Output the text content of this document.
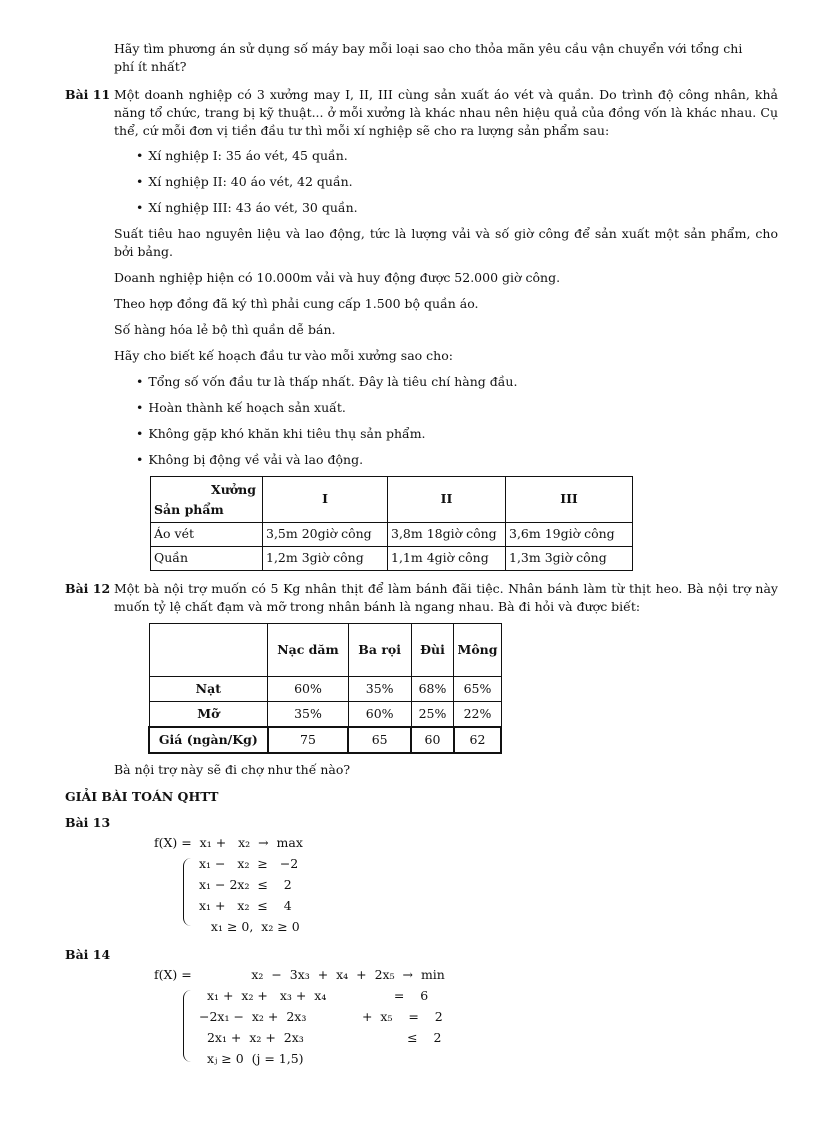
Hãy tìm phương án sử dụng số máy bay mỗi loại sao cho thỏa mãn yêu cầu vận chuyển với tổng chi

phí ít nhất?

Bài 11 Một doanh nghiệp có 3 xưởng may I, II, III cùng sản xuất áo vét và quần. Do trình độ công nhân, khả năng tổ chức, trang bị kỹ thuật... ở mỗi xưởng là khác nhau nên hiệu quả của đồng vốn là khác nhau. Cụ thể, cứ mỗi đơn vị tiền đầu tư thì mỗi xí nghiệp sẽ cho ra lượng sản phẩm sau:

• Xí nghiệp I: 35 áo vét, 45 quần.

• Xí nghiệp II: 40 áo vét, 42 quần.

• Xí nghiệp III: 43 áo vét, 30 quần.

Suất tiêu hao nguyên liệu và lao động, tức là lượng vải và số giờ công để sản xuất một sản phẩm, cho bởi bảng.

Doanh nghiệp hiện có 10.000m vải và huy động được 52.000 giờ công.

Theo hợp đồng đã ký thì phải cung cấp 1.500 bộ quần áo.

Số hàng hóa lẻ bộ thì quần dễ bán.

Hãy cho biết kế hoạch đầu tư vào mỗi xưởng sao cho:

• Tổng số vốn đầu tư là thấp nhất. Đây là tiêu chí hàng đầu.

• Hoàn thành kế hoạch sản xuất.

• Không gặp khó khăn khi tiêu thụ sản phẩm.

• Không bị động về vải và lao động.

Xưởng
Sản phẩm	I	II	III
Áo vét	3,5m 20giờ công	3,8m 18giờ công	3,6m 19giờ công
Quần	1,2m 3giờ công	1,1m 4giờ công	1,3m 3giờ công

Bài 12 Một bà nội trợ muốn có 5 Kg nhân thịt để làm bánh đãi tiệc. Nhân bánh làm từ thịt heo. Bà nội trợ này muốn tỷ lệ chất đạm và mỡ trong nhân bánh là ngang nhau. Bà đi hỏi và được biết:

	Nạc dăm	Ba rọi	Đùi	Mông
Nạt	60%	35%	68%	65%
Mỡ	35%	60%	25%	22%
Giá (ngàn/Kg)	75	65	60	62

Bà nội trợ này sẽ đi chợ như thế nào?

GIẢI BÀI TOÁN QHTT

Bài 13

f(X) =  x₁ +   x₂  →  max
x₁ −   x₂  ≥   −2
x₁ − 2x₂  ≤    2
x₁ +   x₂  ≤    4
x₁ ≥ 0,  x₂ ≥ 0

Bài 14

f(X) =               x₂  −  3x₃  +  x₄  +  2x₅  →  min
x₁ +  x₂ +   x₃ +  x₄                 =    6
−2x₁ −  x₂ +  2x₃              +  x₅    =    2
2x₁ +  x₂ +  2x₃                          ≤    2
xⱼ ≥ 0  (j = 1,5)
